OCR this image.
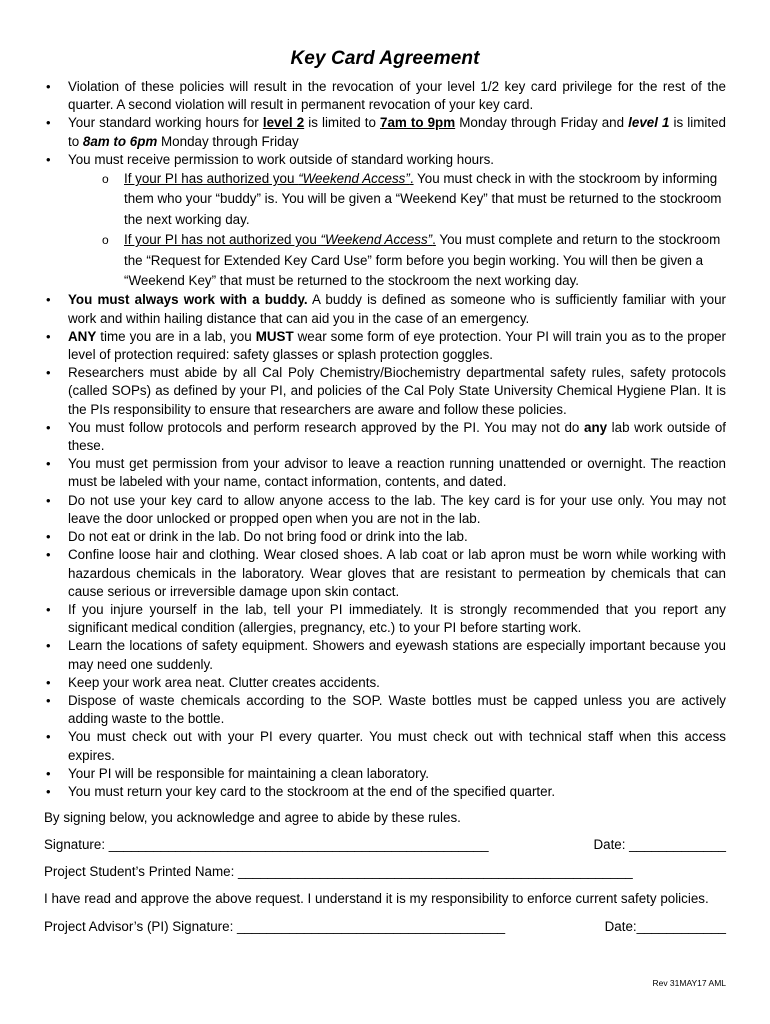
Key Card Agreement
• Violation of these policies will result in the revocation of your level 1/2 key card privilege for the rest of the quarter. A second violation will result in permanent revocation of your key card.
• Your standard working hours for level 2 is limited to 7am to 9pm Monday through Friday and level 1 is limited to 8am to 6pm Monday through Friday
• You must receive permission to work outside of standard working hours.
o If your PI has authorized you “Weekend Access”. You must check in with the stockroom by informing them who your “buddy” is. You will be given a “Weekend Key” that must be returned to the stockroom the next working day.
o If your PI has not authorized you “Weekend Access”. You must complete and return to the stockroom the “Request for Extended Key Card Use” form before you begin working. You will then be given a “Weekend Key” that must be returned to the stockroom the next working day.
• You must always work with a buddy. A buddy is defined as someone who is sufficiently familiar with your work and within hailing distance that can aid you in the case of an emergency.
• ANY time you are in a lab, you MUST wear some form of eye protection. Your PI will train you as to the proper level of protection required: safety glasses or splash protection goggles.
• Researchers must abide by all Cal Poly Chemistry/Biochemistry departmental safety rules, safety protocols (called SOPs) as defined by your PI, and policies of the Cal Poly State University Chemical Hygiene Plan. It is the PIs responsibility to ensure that researchers are aware and follow these policies.
• You must follow protocols and perform research approved by the PI. You may not do any lab work outside of these.
• You must get permission from your advisor to leave a reaction running unattended or overnight. The reaction must be labeled with your name, contact information, contents, and dated.
• Do not use your key card to allow anyone access to the lab. The key card is for your use only. You may not leave the door unlocked or propped open when you are not in the lab.
• Do not eat or drink in the lab. Do not bring food or drink into the lab.
• Confine loose hair and clothing. Wear closed shoes. A lab coat or lab apron must be worn while working with hazardous chemicals in the laboratory. Wear gloves that are resistant to permeation by chemicals that can cause serious or irreversible damage upon skin contact.
• If you injure yourself in the lab, tell your PI immediately. It is strongly recommended that you report any significant medical condition (allergies, pregnancy, etc.) to your PI before starting work.
• Learn the locations of safety equipment. Showers and eyewash stations are especially important because you may need one suddenly.
• Keep your work area neat. Clutter creates accidents.
• Dispose of waste chemicals according to the SOP. Waste bottles must be capped unless you are actively adding waste to the bottle.
• You must check out with your PI every quarter. You must check out with technical staff when this access expires.
• Your PI will be responsible for maintaining a clean laboratory.
• You must return your key card to the stockroom at the end of the specified quarter.

By signing below, you acknowledge and agree to abide by these rules.

Signature: ___________________________________________________	Date: _____________
Project Student’s Printed Name: _____________________________________________________

I have read and approve the above request. I understand it is my responsibility to enforce current safety policies.

Project Advisor’s (PI) Signature: ____________________________________	Date:____________
Rev 31MAY17 AML
